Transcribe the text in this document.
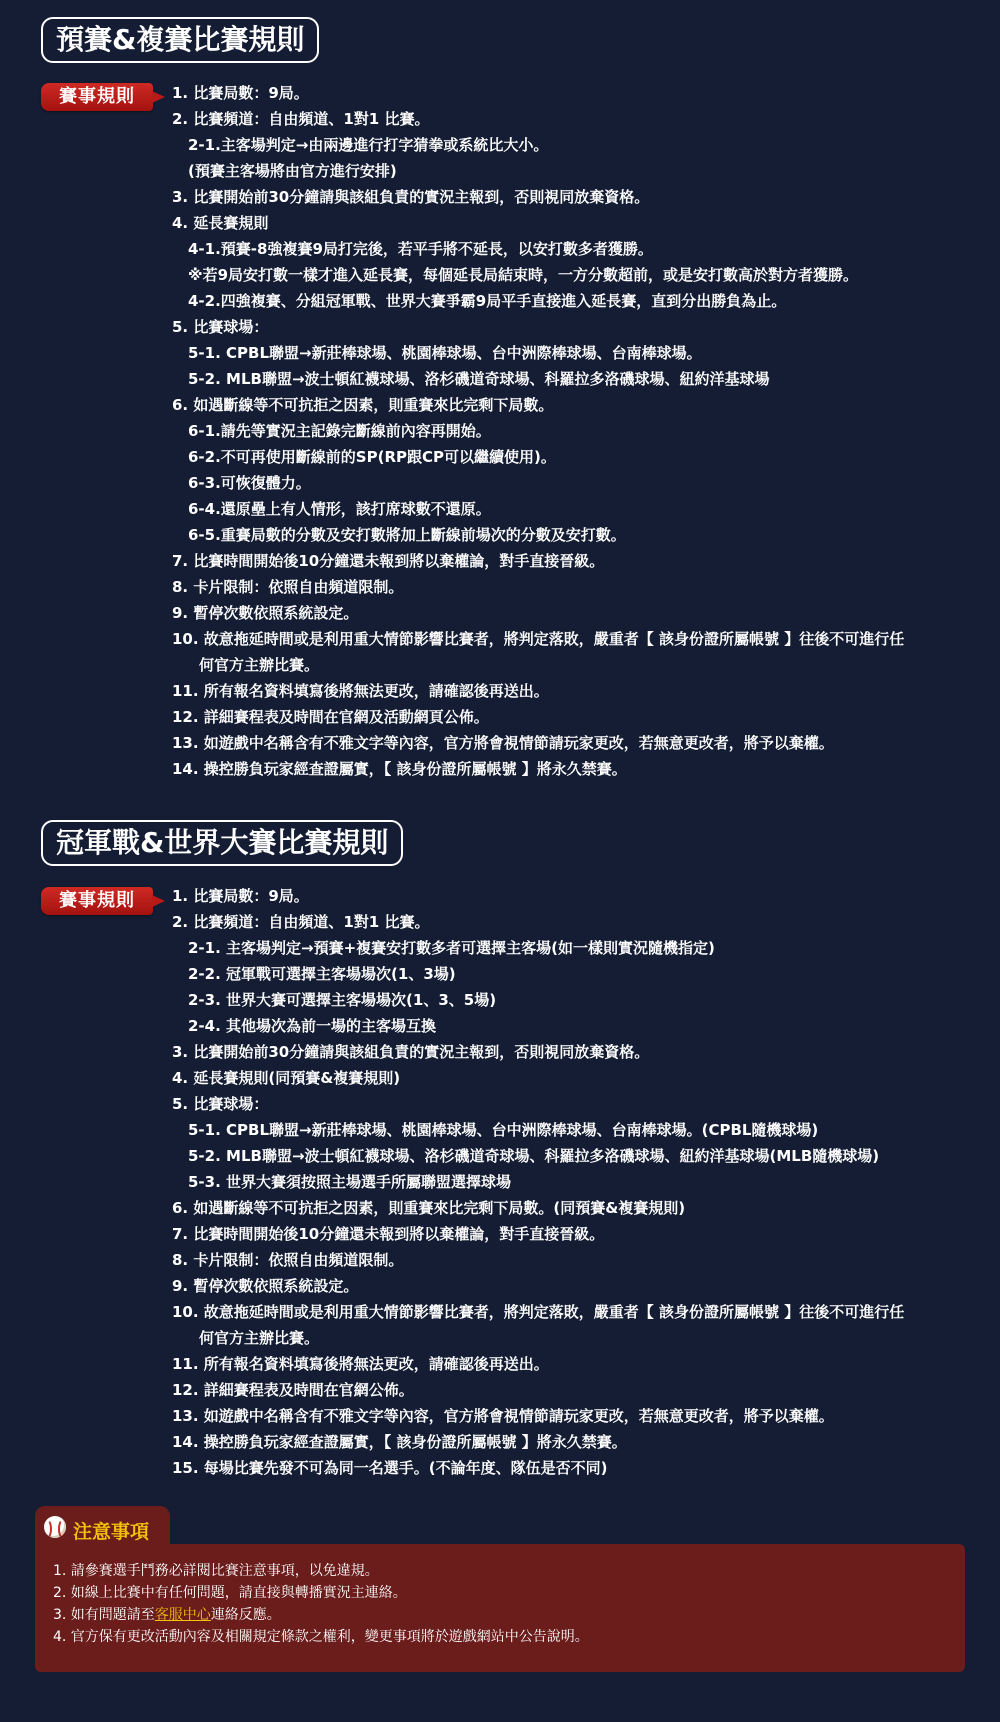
預賽&複賽比賽規則
賽事規則	1. 比賽局數：9局。
2. 比賽頻道：自由頻道、1對1 比賽。
2-1.主客場判定→由兩邊進行打字猜拳或系統比大小。
(預賽主客場將由官方進行安排)
3. 比賽開始前30分鐘請與該組負責的實況主報到，否則視同放棄資格。
4. 延長賽規則
4-1.預賽-8強複賽9局打完後，若平手將不延長，以安打數多者獲勝。
※若9局安打數一樣才進入延長賽，每個延長局結束時，一方分數超前，或是安打數高於對方者獲勝。
4-2.四強複賽、分組冠軍戰、世界大賽爭霸9局平手直接進入延長賽，直到分出勝負為止。
5. 比賽球場：
5-1. CPBL聯盟→新莊棒球場、桃園棒球場、台中洲際棒球場、台南棒球場。
5-2. MLB聯盟→波士頓紅襪球場、洛杉磯道奇球場、科羅拉多洛磯球場、紐約洋基球場
6. 如遇斷線等不可抗拒之因素，則重賽來比完剩下局數。
6-1.請先等實況主記錄完斷線前內容再開始。
6-2.不可再使用斷線前的SP(RP跟CP可以繼續使用)。
6-3.可恢復體力。
6-4.還原壘上有人情形，該打席球數不還原。
6-5.重賽局數的分數及安打數將加上斷線前場次的分數及安打數。
7. 比賽時間開始後10分鐘還未報到將以棄權論，對手直接晉級。
8. 卡片限制：依照自由頻道限制。
9. 暫停次數依照系統設定。
10. 故意拖延時間或是利用重大情節影響比賽者，將判定落敗，嚴重者【 該身份證所屬帳號 】往後不可進行任
何官方主辦比賽。
11. 所有報名資料填寫後將無法更改，請確認後再送出。
12. 詳細賽程表及時間在官網及活動網頁公佈。
13. 如遊戲中名稱含有不雅文字等內容，官方將會視情節請玩家更改，若無意更改者，將予以棄權。
14. 操控勝負玩家經查證屬實，【 該身份證所屬帳號 】將永久禁賽。
冠軍戰&世界大賽比賽規則
賽事規則	1. 比賽局數：9局。
2. 比賽頻道：自由頻道、1對1 比賽。
2-1. 主客場判定→預賽+複賽安打數多者可選擇主客場(如一樣則實況隨機指定)
2-2. 冠軍戰可選擇主客場場次(1、3場)
2-3. 世界大賽可選擇主客場場次(1、3、5場)
2-4. 其他場次為前一場的主客場互換
3. 比賽開始前30分鐘請與該組負責的實況主報到，否則視同放棄資格。
4. 延長賽規則(同預賽&複賽規則)
5. 比賽球場：
5-1. CPBL聯盟→新莊棒球場、桃園棒球場、台中洲際棒球場、台南棒球場。(CPBL隨機球場)
5-2. MLB聯盟→波士頓紅襪球場、洛杉磯道奇球場、科羅拉多洛磯球場、紐約洋基球場(MLB隨機球場)
5-3. 世界大賽須按照主場選手所屬聯盟選擇球場
6. 如遇斷線等不可抗拒之因素，則重賽來比完剩下局數。(同預賽&複賽規則)
7. 比賽時間開始後10分鐘還未報到將以棄權論，對手直接晉級。
8. 卡片限制：依照自由頻道限制。
9. 暫停次數依照系統設定。
10. 故意拖延時間或是利用重大情節影響比賽者，將判定落敗，嚴重者【 該身份證所屬帳號 】往後不可進行任
何官方主辦比賽。
11. 所有報名資料填寫後將無法更改，請確認後再送出。
12. 詳細賽程表及時間在官網公佈。
13. 如遊戲中名稱含有不雅文字等內容，官方將會視情節請玩家更改，若無意更改者，將予以棄權。
14. 操控勝負玩家經查證屬實，【 該身份證所屬帳號 】將永久禁賽。
15. 每場比賽先發不可為同一名選手。(不論年度、隊伍是否不同)
注意事項
1. 請參賽選手鬥務必詳閱比賽注意事項，以免違規。
2. 如線上比賽中有任何問題，請直接與轉播實況主連絡。
3. 如有問題請至客服中心連絡反應。
4. 官方保有更改活動內容及相關規定條款之權利，變更事項將於遊戲網站中公告說明。
